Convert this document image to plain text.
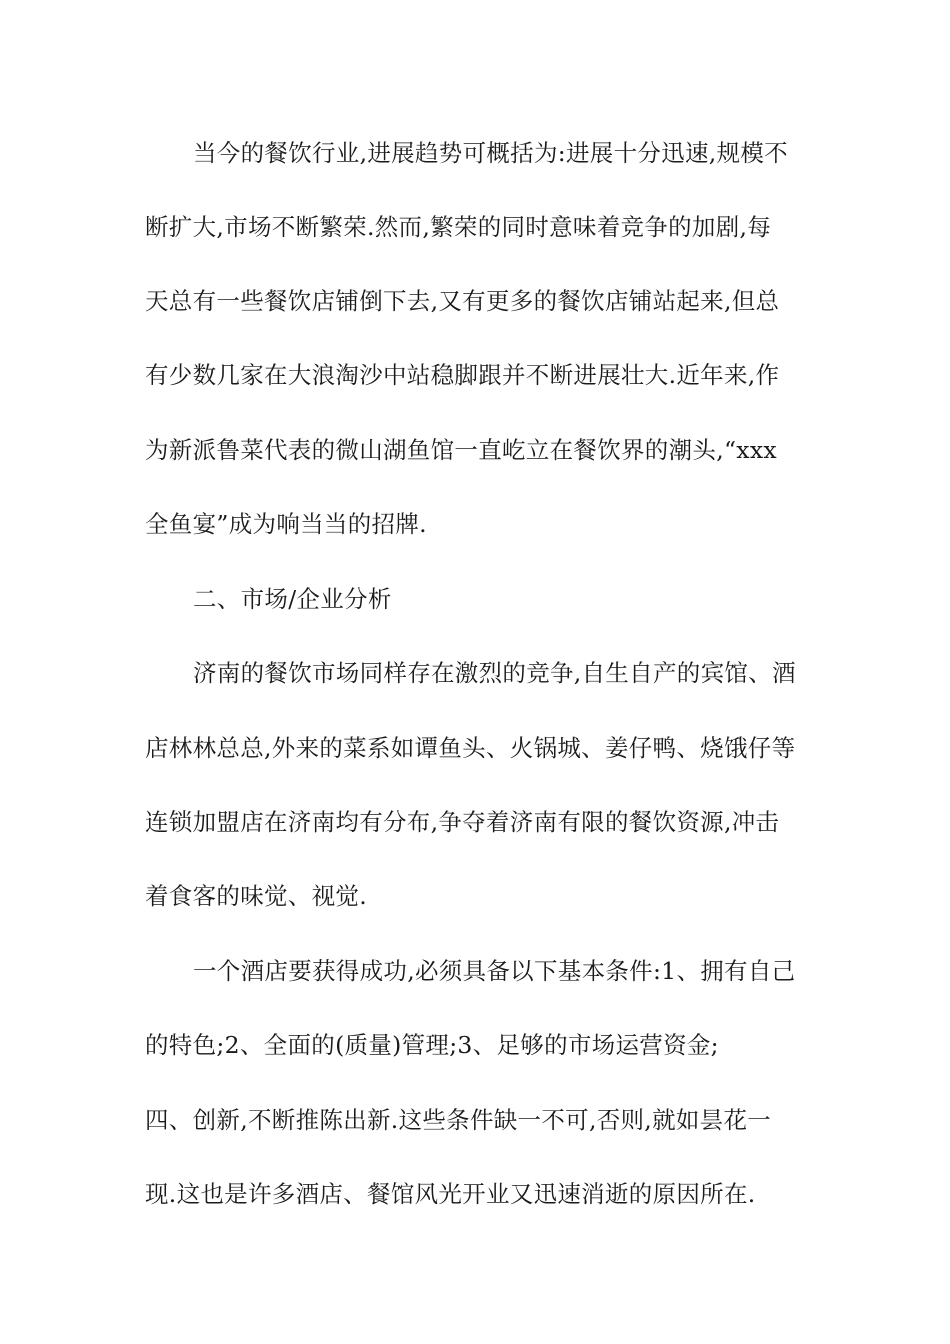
当今的餐饮行业,进展趋势可概括为:进展十分迅速,规模不
断扩大,市场不断繁荣.然而,繁荣的同时意味着竞争的加剧,每
天总有一些餐饮店铺倒下去,又有更多的餐饮店铺站起来,但总
有少数几家在大浪淘沙中站稳脚跟并不断进展壮大.近年来,作
为新派鲁菜代表的微山湖鱼馆一直屹立在餐饮界的潮头,“xxx
全鱼宴”成为响当当的招牌.
二、市场/企业分析
济南的餐饮市场同样存在激烈的竞争,自生自产的宾馆、酒
店林林总总,外来的菜系如谭鱼头、火锅城、姜仔鸭、烧饿仔等
连锁加盟店在济南均有分布,争夺着济南有限的餐饮资源,冲击
着食客的味觉、视觉.
一个酒店要获得成功,必须具备以下基本条件:1、拥有自己
的特色;2、全面的(质量)管理;3、足够的市场运营资金;
四、创新,不断推陈出新.这些条件缺一不可,否则,就如昙花一
现.这也是许多酒店、餐馆风光开业又迅速消逝的原因所在.
